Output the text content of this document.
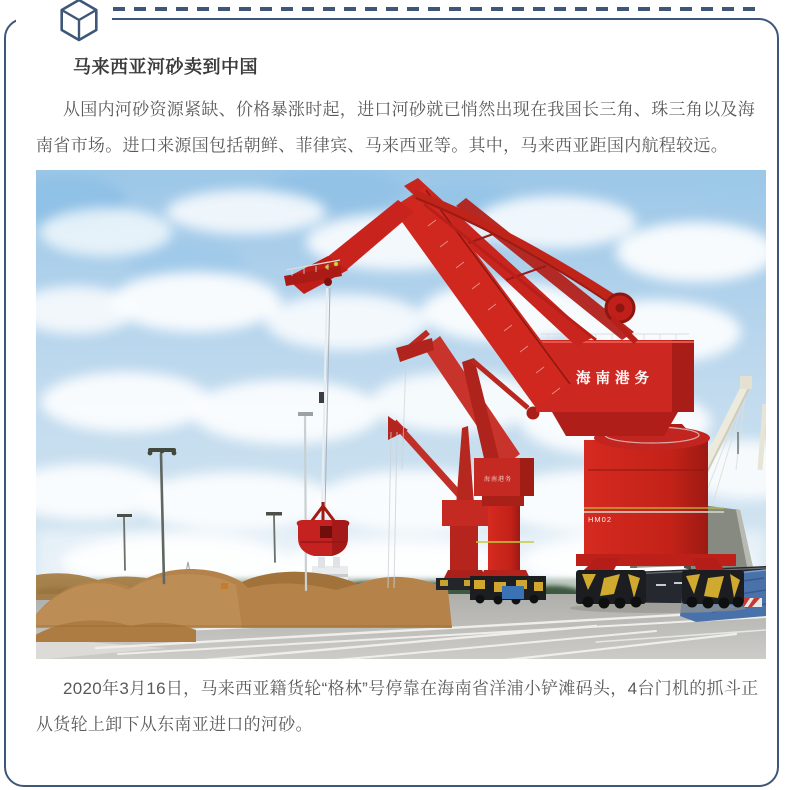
马来西亚河砂卖到中国

从国内河砂资源紧缺、价格暴涨时起，进口河砂就已悄然出现在我国长三角、珠三角以及海南省市场。进口来源国包括朝鲜、菲律宾、马来西亚等。其中，马来西亚距国内航程较远。

海南港务
HM02
海南港务

2020年3月16日，马来西亚籍货轮“格林”号停靠在海南省洋浦小铲滩码头，4台门机的抓斗正从货轮上卸下从东南亚进口的河砂。
